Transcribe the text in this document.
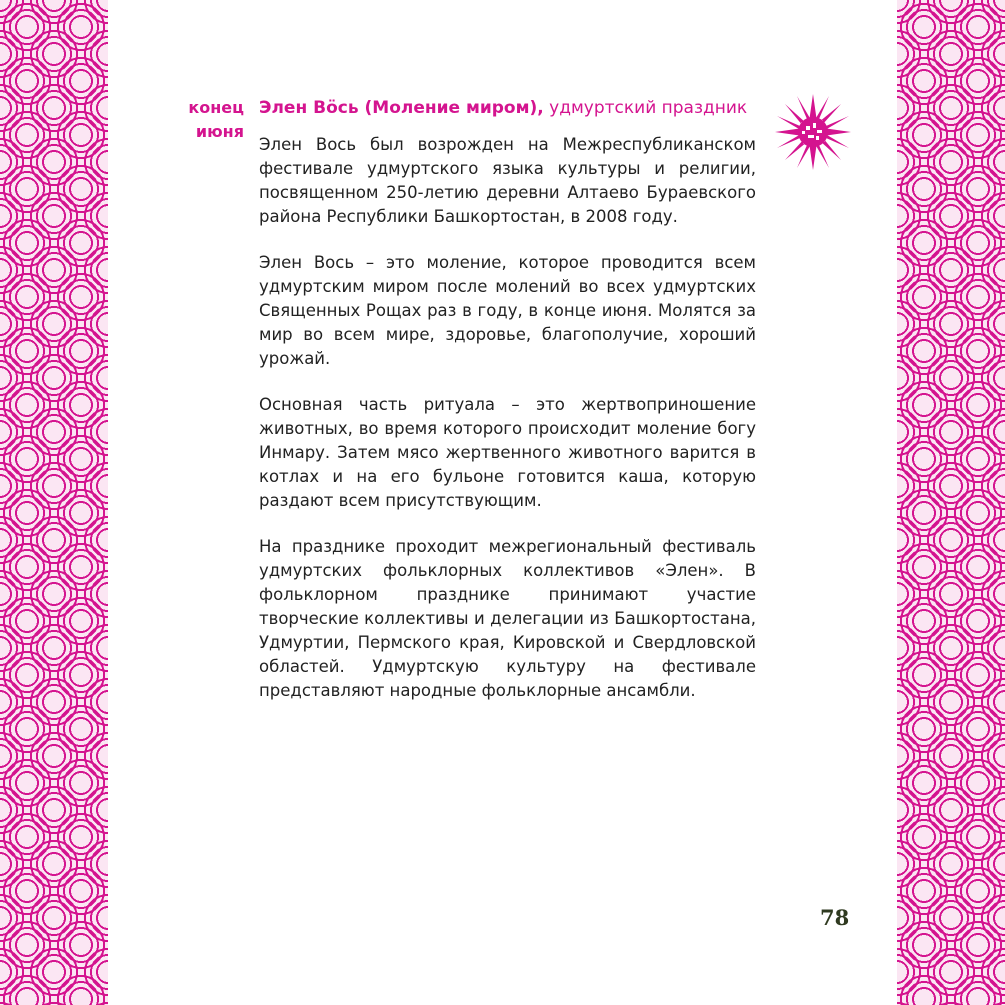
конец
июня
Элен Вӧсь (Моление миром), удмуртский праздник

Элен Вось был возрожден на Межреспубликанском фестивале удмуртского языка культуры и религии, посвященном 250-летию деревни Алтаево Бураевского района Республики Башкортостан, в 2008 году.

Элен Вось – это моление, которое проводится всем удмуртским миром после молений во всех удмуртских Священных Рощах раз в году, в конце июня. Молятся за мир во всем мире, здоровье, благополучие, хороший урожай.

Основная часть ритуала – это жертвоприношение животных, во время которого происходит моление богу Инмару. Затем мясо жертвенного животного варится в котлах и на его бульоне готовится каша, которую раздают всем присутствующим.

На празднике проходит межрегиональный фестиваль удмуртских фольклорных коллективов «Элен». В фольклорном празднике принимают участие творческие коллективы и делегации из Башкортостана, Удмуртии, Пермского края, Кировской и Свердловской областей. Удмуртскую культуру на фестивале представляют народные фольклорные ансамбли.

78
